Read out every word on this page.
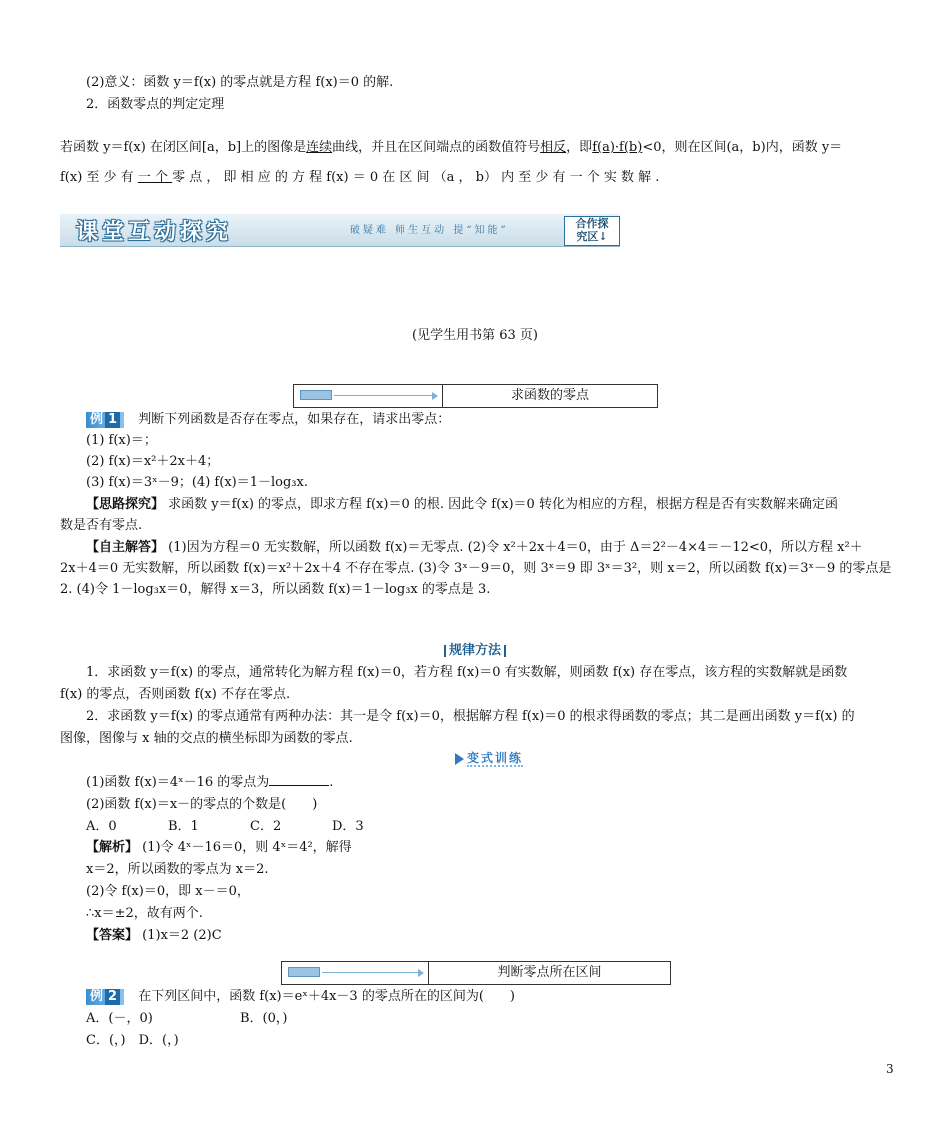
(2)意义：函数 y＝f(x) 的零点就是方程 f(x)＝0 的解.
2．函数零点的判定定理
若函数 y＝f(x) 在闭区间[a，b]上的图像是连续曲线，并且在区间端点的函数值符号相反，即f(a)·f(b)<0，则在区间(a，b)内，函数 y＝
f(x) 至 少 有 一 个 零 点 ， 即 相 应 的 方 程 f(x) ＝ 0 在 区 间 （a ， b） 内 至 少 有 一 个 实 数 解 .
课堂互动探究	破疑难 师生互动 提“知能”
合作探
究区↓
(见学生用书第 63 页)
求函数的零点
例 1 判断下列函数是否存在零点，如果存在，请求出零点：
(1) f(x)＝；
(2) f(x)＝x²＋2x＋4；
(3) f(x)＝3ˣ－9；(4) f(x)＝1－log₃x.
【思路探究】 求函数 y＝f(x) 的零点，即求方程 f(x)＝0 的根. 因此令 f(x)＝0 转化为相应的方程，根据方程是否有实数解来确定函
数是否有零点.
【自主解答】 (1)因为方程＝0 无实数解，所以函数 f(x)＝无零点. (2)令 x²＋2x＋4＝0，由于 Δ＝2²－4×4＝－12<0，所以方程 x²＋
2x＋4＝0 无实数解，所以函数 f(x)＝x²＋2x＋4 不存在零点. (3)令 3ˣ－9＝0，则 3ˣ＝9 即 3ˣ＝3²，则 x＝2，所以函数 f(x)＝3ˣ－9 的零点是
2. (4)令 1－log₃x＝0，解得 x＝3，所以函数 f(x)＝1－log₃x 的零点是 3.
规律方法
1．求函数 y＝f(x) 的零点，通常转化为解方程 f(x)＝0，若方程 f(x)＝0 有实数解，则函数 f(x) 存在零点，该方程的实数解就是函数
f(x) 的零点，否则函数 f(x) 不存在零点.
2．求函数 y＝f(x) 的零点通常有两种办法：其一是令 f(x)＝0，根据解方程 f(x)＝0 的根求得函数的零点；其二是画出函数 y＝f(x) 的
图像，图像与 x 轴的交点的横坐标即为函数的零点.
变式训练
(1)函数 f(x)＝4ˣ－16 的零点为	.
(2)函数 f(x)＝x－的零点的个数是(　　)
A．0	B．1	C．2	D．3
【解析】 (1)令 4ˣ－16＝0，则 4ˣ＝4²，解得
x＝2，所以函数的零点为 x＝2.
(2)令 f(x)＝0，即 x－＝0，
∴x＝±2，故有两个.
【答案】 (1)x＝2 (2)C
判断零点所在区间
例 2 在下列区间中，函数 f(x)＝eˣ＋4x－3 的零点所在的区间为(　　)
A．(－，0)	B．(0，)
C．(，)　D．(，)
3
